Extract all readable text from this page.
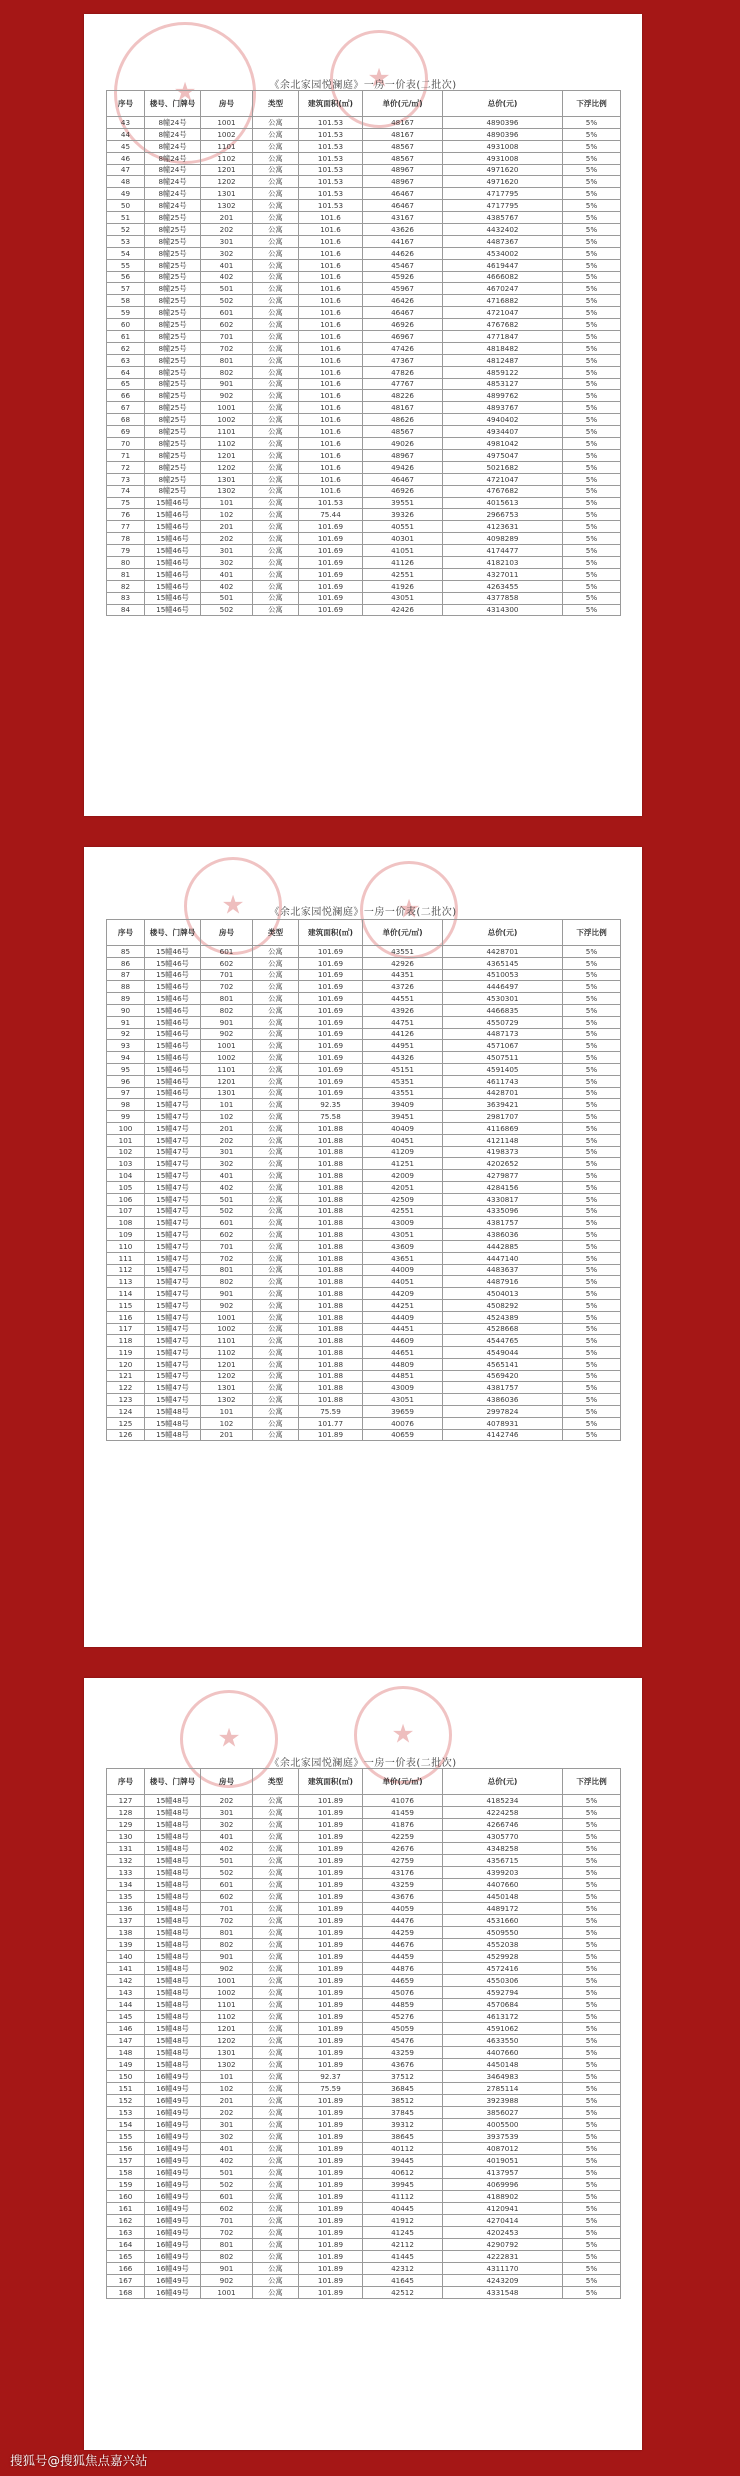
★
★
《余北家园悦澜庭》一房一价表(二批次)
序号	楼号、门牌号	房号	类型	建筑面积(㎡)	单价(元/㎡)	总价(元)	下浮比例
43	8幢24号	1001	公寓	101.53	48167	4890396	5%
44	8幢24号	1002	公寓	101.53	48167	4890396	5%
45	8幢24号	1101	公寓	101.53	48567	4931008	5%
46	8幢24号	1102	公寓	101.53	48567	4931008	5%
47	8幢24号	1201	公寓	101.53	48967	4971620	5%
48	8幢24号	1202	公寓	101.53	48967	4971620	5%
49	8幢24号	1301	公寓	101.53	46467	4717795	5%
50	8幢24号	1302	公寓	101.53	46467	4717795	5%
51	8幢25号	201	公寓	101.6	43167	4385767	5%
52	8幢25号	202	公寓	101.6	43626	4432402	5%
53	8幢25号	301	公寓	101.6	44167	4487367	5%
54	8幢25号	302	公寓	101.6	44626	4534002	5%
55	8幢25号	401	公寓	101.6	45467	4619447	5%
56	8幢25号	402	公寓	101.6	45926	4666082	5%
57	8幢25号	501	公寓	101.6	45967	4670247	5%
58	8幢25号	502	公寓	101.6	46426	4716882	5%
59	8幢25号	601	公寓	101.6	46467	4721047	5%
60	8幢25号	602	公寓	101.6	46926	4767682	5%
61	8幢25号	701	公寓	101.6	46967	4771847	5%
62	8幢25号	702	公寓	101.6	47426	4818482	5%
63	8幢25号	801	公寓	101.6	47367	4812487	5%
64	8幢25号	802	公寓	101.6	47826	4859122	5%
65	8幢25号	901	公寓	101.6	47767	4853127	5%
66	8幢25号	902	公寓	101.6	48226	4899762	5%
67	8幢25号	1001	公寓	101.6	48167	4893767	5%
68	8幢25号	1002	公寓	101.6	48626	4940402	5%
69	8幢25号	1101	公寓	101.6	48567	4934407	5%
70	8幢25号	1102	公寓	101.6	49026	4981042	5%
71	8幢25号	1201	公寓	101.6	48967	4975047	5%
72	8幢25号	1202	公寓	101.6	49426	5021682	5%
73	8幢25号	1301	公寓	101.6	46467	4721047	5%
74	8幢25号	1302	公寓	101.6	46926	4767682	5%
75	15幢46号	101	公寓	101.53	39551	4015613	5%
76	15幢46号	102	公寓	75.44	39326	2966753	5%
77	15幢46号	201	公寓	101.69	40551	4123631	5%
78	15幢46号	202	公寓	101.69	40301	4098289	5%
79	15幢46号	301	公寓	101.69	41051	4174477	5%
80	15幢46号	302	公寓	101.69	41126	4182103	5%
81	15幢46号	401	公寓	101.69	42551	4327011	5%
82	15幢46号	402	公寓	101.69	41926	4263455	5%
83	15幢46号	501	公寓	101.69	43051	4377858	5%
84	15幢46号	502	公寓	101.69	42426	4314300	5%
★
★
《余北家园悦澜庭》一房一价表(二批次)
序号	楼号、门牌号	房号	类型	建筑面积(㎡)	单价(元/㎡)	总价(元)	下浮比例
85	15幢46号	601	公寓	101.69	43551	4428701	5%
86	15幢46号	602	公寓	101.69	42926	4365145	5%
87	15幢46号	701	公寓	101.69	44351	4510053	5%
88	15幢46号	702	公寓	101.69	43726	4446497	5%
89	15幢46号	801	公寓	101.69	44551	4530301	5%
90	15幢46号	802	公寓	101.69	43926	4466835	5%
91	15幢46号	901	公寓	101.69	44751	4550729	5%
92	15幢46号	902	公寓	101.69	44126	4487173	5%
93	15幢46号	1001	公寓	101.69	44951	4571067	5%
94	15幢46号	1002	公寓	101.69	44326	4507511	5%
95	15幢46号	1101	公寓	101.69	45151	4591405	5%
96	15幢46号	1201	公寓	101.69	45351	4611743	5%
97	15幢46号	1301	公寓	101.69	43551	4428701	5%
98	15幢47号	101	公寓	92.35	39409	3639421	5%
99	15幢47号	102	公寓	75.58	39451	2981707	5%
100	15幢47号	201	公寓	101.88	40409	4116869	5%
101	15幢47号	202	公寓	101.88	40451	4121148	5%
102	15幢47号	301	公寓	101.88	41209	4198373	5%
103	15幢47号	302	公寓	101.88	41251	4202652	5%
104	15幢47号	401	公寓	101.88	42009	4279877	5%
105	15幢47号	402	公寓	101.88	42051	4284156	5%
106	15幢47号	501	公寓	101.88	42509	4330817	5%
107	15幢47号	502	公寓	101.88	42551	4335096	5%
108	15幢47号	601	公寓	101.88	43009	4381757	5%
109	15幢47号	602	公寓	101.88	43051	4386036	5%
110	15幢47号	701	公寓	101.88	43609	4442885	5%
111	15幢47号	702	公寓	101.88	43651	4447140	5%
112	15幢47号	801	公寓	101.88	44009	4483637	5%
113	15幢47号	802	公寓	101.88	44051	4487916	5%
114	15幢47号	901	公寓	101.88	44209	4504013	5%
115	15幢47号	902	公寓	101.88	44251	4508292	5%
116	15幢47号	1001	公寓	101.88	44409	4524389	5%
117	15幢47号	1002	公寓	101.88	44451	4528668	5%
118	15幢47号	1101	公寓	101.88	44609	4544765	5%
119	15幢47号	1102	公寓	101.88	44651	4549044	5%
120	15幢47号	1201	公寓	101.88	44809	4565141	5%
121	15幢47号	1202	公寓	101.88	44851	4569420	5%
122	15幢47号	1301	公寓	101.88	43009	4381757	5%
123	15幢47号	1302	公寓	101.88	43051	4386036	5%
124	15幢48号	101	公寓	75.59	39659	2997824	5%
125	15幢48号	102	公寓	101.77	40076	4078931	5%
126	15幢48号	201	公寓	101.89	40659	4142746	5%
★
★
《余北家园悦澜庭》一房一价表(二批次)
序号	楼号、门牌号	房号	类型	建筑面积(㎡)	单价(元/㎡)	总价(元)	下浮比例
127	15幢48号	202	公寓	101.89	41076	4185234	5%
128	15幢48号	301	公寓	101.89	41459	4224258	5%
129	15幢48号	302	公寓	101.89	41876	4266746	5%
130	15幢48号	401	公寓	101.89	42259	4305770	5%
131	15幢48号	402	公寓	101.89	42676	4348258	5%
132	15幢48号	501	公寓	101.89	42759	4356715	5%
133	15幢48号	502	公寓	101.89	43176	4399203	5%
134	15幢48号	601	公寓	101.89	43259	4407660	5%
135	15幢48号	602	公寓	101.89	43676	4450148	5%
136	15幢48号	701	公寓	101.89	44059	4489172	5%
137	15幢48号	702	公寓	101.89	44476	4531660	5%
138	15幢48号	801	公寓	101.89	44259	4509550	5%
139	15幢48号	802	公寓	101.89	44676	4552038	5%
140	15幢48号	901	公寓	101.89	44459	4529928	5%
141	15幢48号	902	公寓	101.89	44876	4572416	5%
142	15幢48号	1001	公寓	101.89	44659	4550306	5%
143	15幢48号	1002	公寓	101.89	45076	4592794	5%
144	15幢48号	1101	公寓	101.89	44859	4570684	5%
145	15幢48号	1102	公寓	101.89	45276	4613172	5%
146	15幢48号	1201	公寓	101.89	45059	4591062	5%
147	15幢48号	1202	公寓	101.89	45476	4633550	5%
148	15幢48号	1301	公寓	101.89	43259	4407660	5%
149	15幢48号	1302	公寓	101.89	43676	4450148	5%
150	16幢49号	101	公寓	92.37	37512	3464983	5%
151	16幢49号	102	公寓	75.59	36845	2785114	5%
152	16幢49号	201	公寓	101.89	38512	3923988	5%
153	16幢49号	202	公寓	101.89	37845	3856027	5%
154	16幢49号	301	公寓	101.89	39312	4005500	5%
155	16幢49号	302	公寓	101.89	38645	3937539	5%
156	16幢49号	401	公寓	101.89	40112	4087012	5%
157	16幢49号	402	公寓	101.89	39445	4019051	5%
158	16幢49号	501	公寓	101.89	40612	4137957	5%
159	16幢49号	502	公寓	101.89	39945	4069996	5%
160	16幢49号	601	公寓	101.89	41112	4188902	5%
161	16幢49号	602	公寓	101.89	40445	4120941	5%
162	16幢49号	701	公寓	101.89	41912	4270414	5%
163	16幢49号	702	公寓	101.89	41245	4202453	5%
164	16幢49号	801	公寓	101.89	42112	4290792	5%
165	16幢49号	802	公寓	101.89	41445	4222831	5%
166	16幢49号	901	公寓	101.89	42312	4311170	5%
167	16幢49号	902	公寓	101.89	41645	4243209	5%
168	16幢49号	1001	公寓	101.89	42512	4331548	5%
搜狐号@搜狐焦点嘉兴站
